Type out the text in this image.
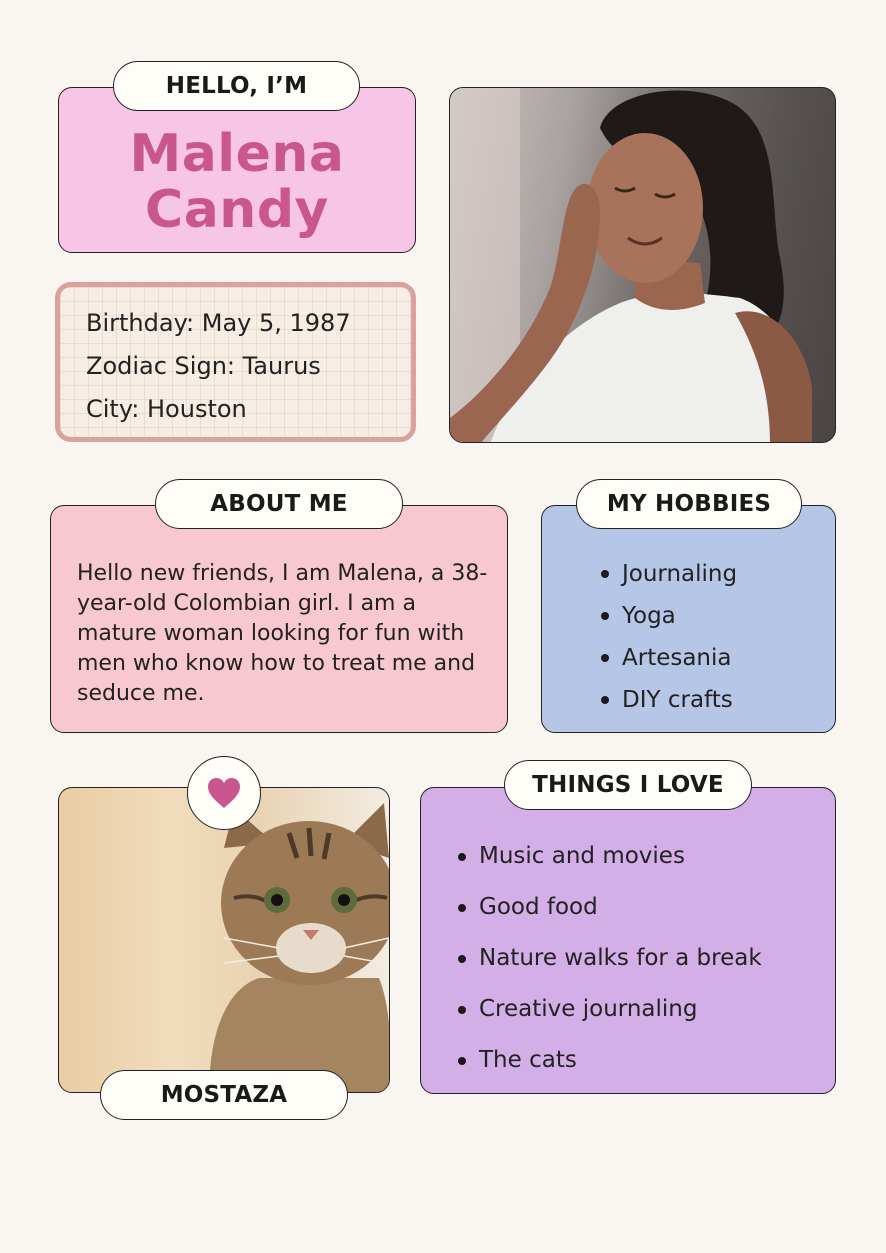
Malena
Candy
HELLO, I’M
Birthday: May 5, 1987
Zodiac Sign: Taurus
City: Houston
Hello new friends, I am Malena, a 38-year-old Colombian girl. I am a mature woman looking for fun with men who know how to treat me and seduce me.
ABOUT ME
Journaling
Yoga
Artesania
DIY crafts
MY HOBBIES
MOSTAZA
Music and movies
Good food
Nature walks for a break
Creative journaling
The cats
THINGS I LOVE
